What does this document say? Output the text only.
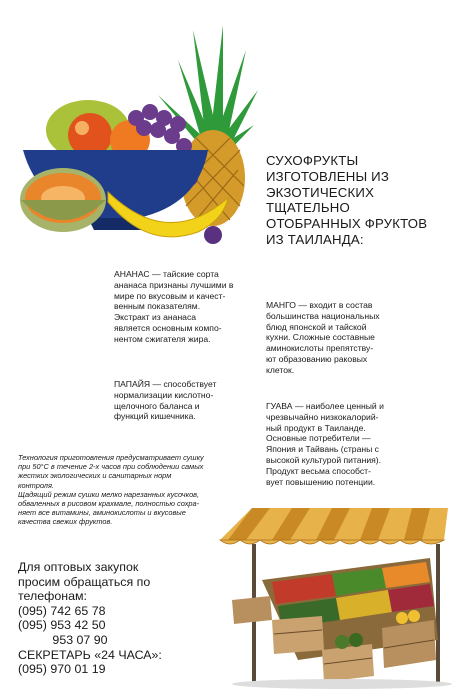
СУХОФРУКТЫ
ИЗГОТОВЛЕНЫ ИЗ
ЭКЗОТИЧЕСКИХ
ТЩАТЕЛЬНО
ОТОБРАННЫХ ФРУКТОВ
ИЗ ТАИЛАНДА:
АНАНАС — тайские сорта
ананаса признаны лучшими в
мире по вкусовым и качест-
венным показателям.
Экстракт из ананаса
является основным компо-
нентом сжигателя жира.
МАНГО — входит в состав
большинства национальных
блюд японской и тайской
кухни. Сложные составные
аминокислоты препятству-
ют образованию раковых
клеток.
ПАПАЙЯ — способствует
нормализации кислотно-
щелочного баланса и
функций кишечника.
ГУАВА — наиболее ценный и
чрезвычайно низкокалорий-
ный продукт в Таиланде.
Основные потребители —
Япония и Тайвань (страны с
высокой культурой питания).
Продукт весьма способст-
вует повышению потенции.
Технология приготовления предусматривает сушку
при 50°С в течение 2-х часов при соблюдении самых
жестких экологических и санитарных норм
контроля.
Щадящий режим сушки мелко нарезанных кусочков,
обваленных в рисовом крахмале, полностью сохра-
няет все витамины, аминокислоты и вкусовые
качества свежих фруктов.
Для оптовых закупок
просим обращаться по
телефонам:
(095) 742 65 78
(095) 953 42 50
953 07 90
СЕКРЕТАРЬ «24 ЧАСА»:
(095) 970 01 19
